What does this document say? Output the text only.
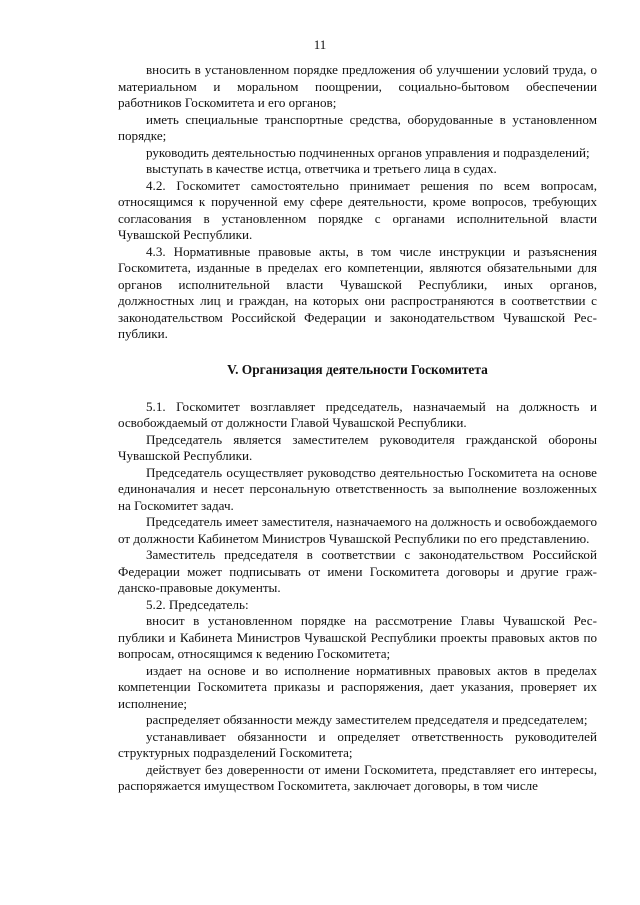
11

вносить в установленном порядке предложения об улучшении условий труда, о материальном и моральном поощрении, социально-бытовом обеспечении работников Госкомитета и его органов;

иметь специальные транспортные средства, оборудованные в установленном порядке;

руководить деятельностью подчиненных органов управления и подразделений;

выступать в качестве истца, ответчика и третьего лица в судах.

4.2. Госкомитет самостоятельно принимает решения по всем вопросам, относящимся к порученной ему сфере деятельности, кроме вопросов, требующих согласования в установленном порядке с органами исполнительной власти Чувашской Республики.

4.3. Нормативные правовые акты, в том числе инструкции и разъяснения Госкомитета, изданные в пределах его компетенции, являются обязательными для органов исполнительной власти Чувашской Республики, иных органов, должностных лиц и граждан, на которых они распространяются в соответствии с законодательством Российской Федерации и законодательством Чувашской Республики.

V. Организация деятельности Госкомитета

5.1. Госкомитет возглавляет председатель, назначаемый на должность и освобождаемый от должности Главой Чувашской Республики.

Председатель является заместителем руководителя гражданской обороны Чувашской Республики.

Председатель осуществляет руководство деятельностью Госкомитета на основе единоначалия и несет персональную ответственность за выполнение возложенных на Госкомитет задач.

Председатель имеет заместителя, назначаемого на должность и освобождаемого от должности Кабинетом Министров Чувашской Республики по его представлению.

Заместитель председателя в соответствии с законодательством Российской Федерации может подписывать от имени Госкомитета договоры и другие гражданско-правовые документы.

5.2. Председатель:

вносит в установленном порядке на рассмотрение Главы Чувашской Республики и Кабинета Министров Чувашской Республики проекты правовых актов по вопросам, относящимся к ведению Госкомитета;

издает на основе и во исполнение нормативных правовых актов в пределах компетенции Госкомитета приказы и распоряжения, дает указания, проверяет их исполнение;

распределяет обязанности между заместителем председателя и председателем;

устанавливает обязанности и определяет ответственность руководителей структурных подразделений Госкомитета;

действует без доверенности от имени Госкомитета, представляет его интересы, распоряжается имуществом Госкомитета, заключает договоры, в том числе
